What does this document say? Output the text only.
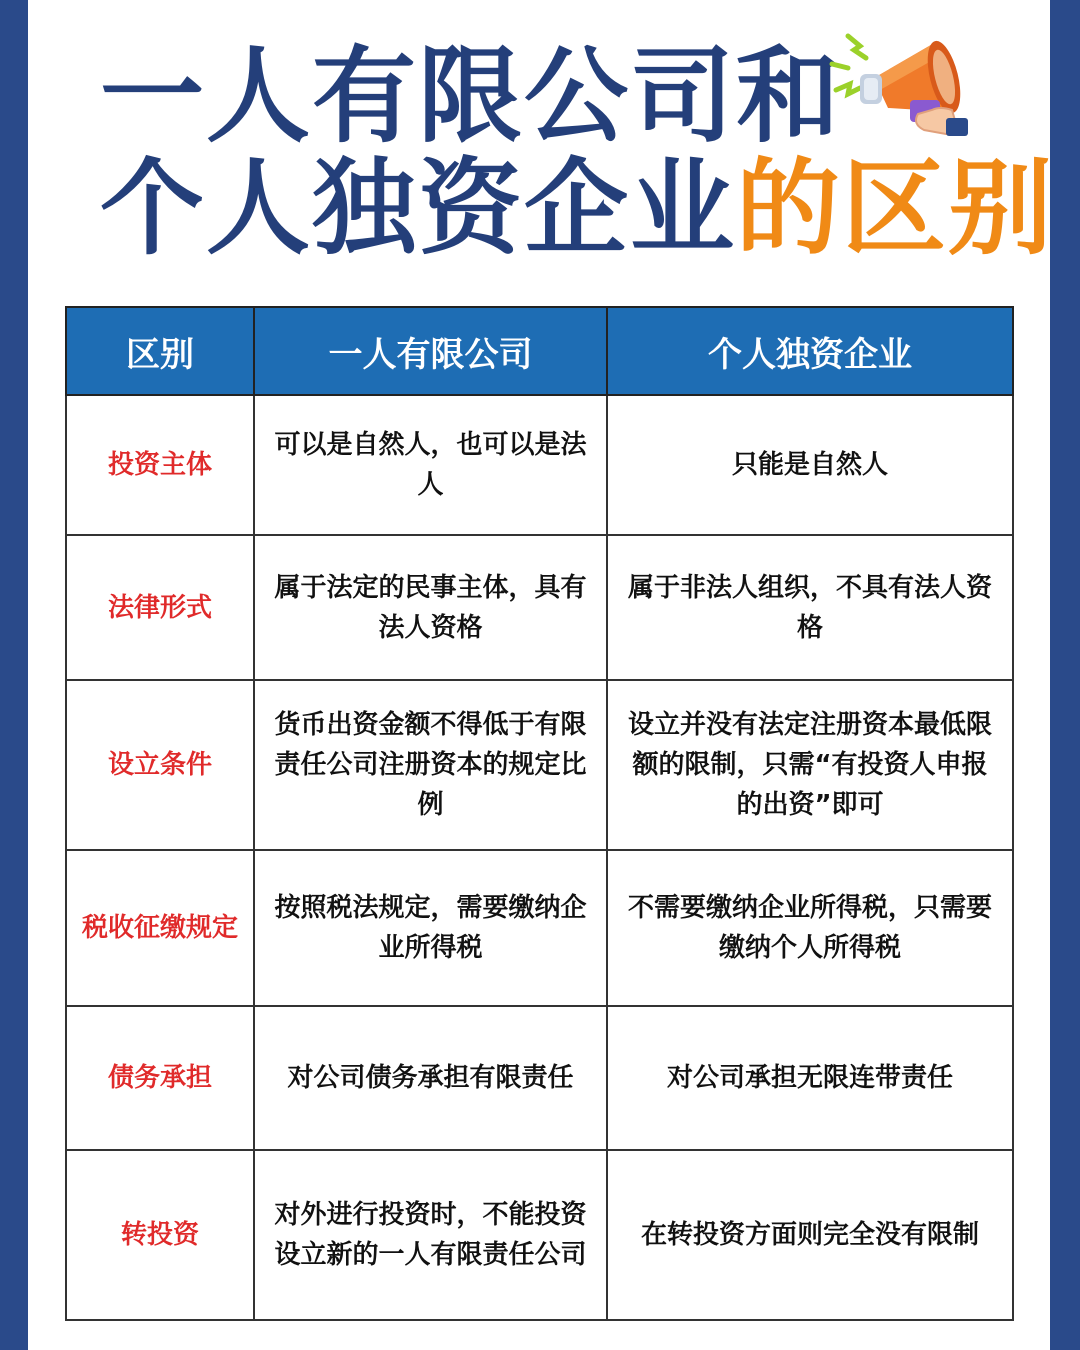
一人有限公司和
个人独资企业的区别
区别	一人有限公司	个人独资企业
投资主体	可以是自然人，也可以是法人	只能是自然人
法律形式	属于法定的民事主体，具有法人资格	属于非法人组织，不具有法人资格
设立条件	货币出资金额不得低于有限责任公司注册资本的规定比例	设立并没有法定注册资本最低限额的限制，只需“有投资人申报的出资”即可
税收征缴规定	按照税法规定，需要缴纳企业所得税	不需要缴纳企业所得税，只需要缴纳个人所得税
债务承担	对公司债务承担有限责任	对公司承担无限连带责任
转投资	对外进行投资时，不能投资设立新的一人有限责任公司	在转投资方面则完全没有限制
